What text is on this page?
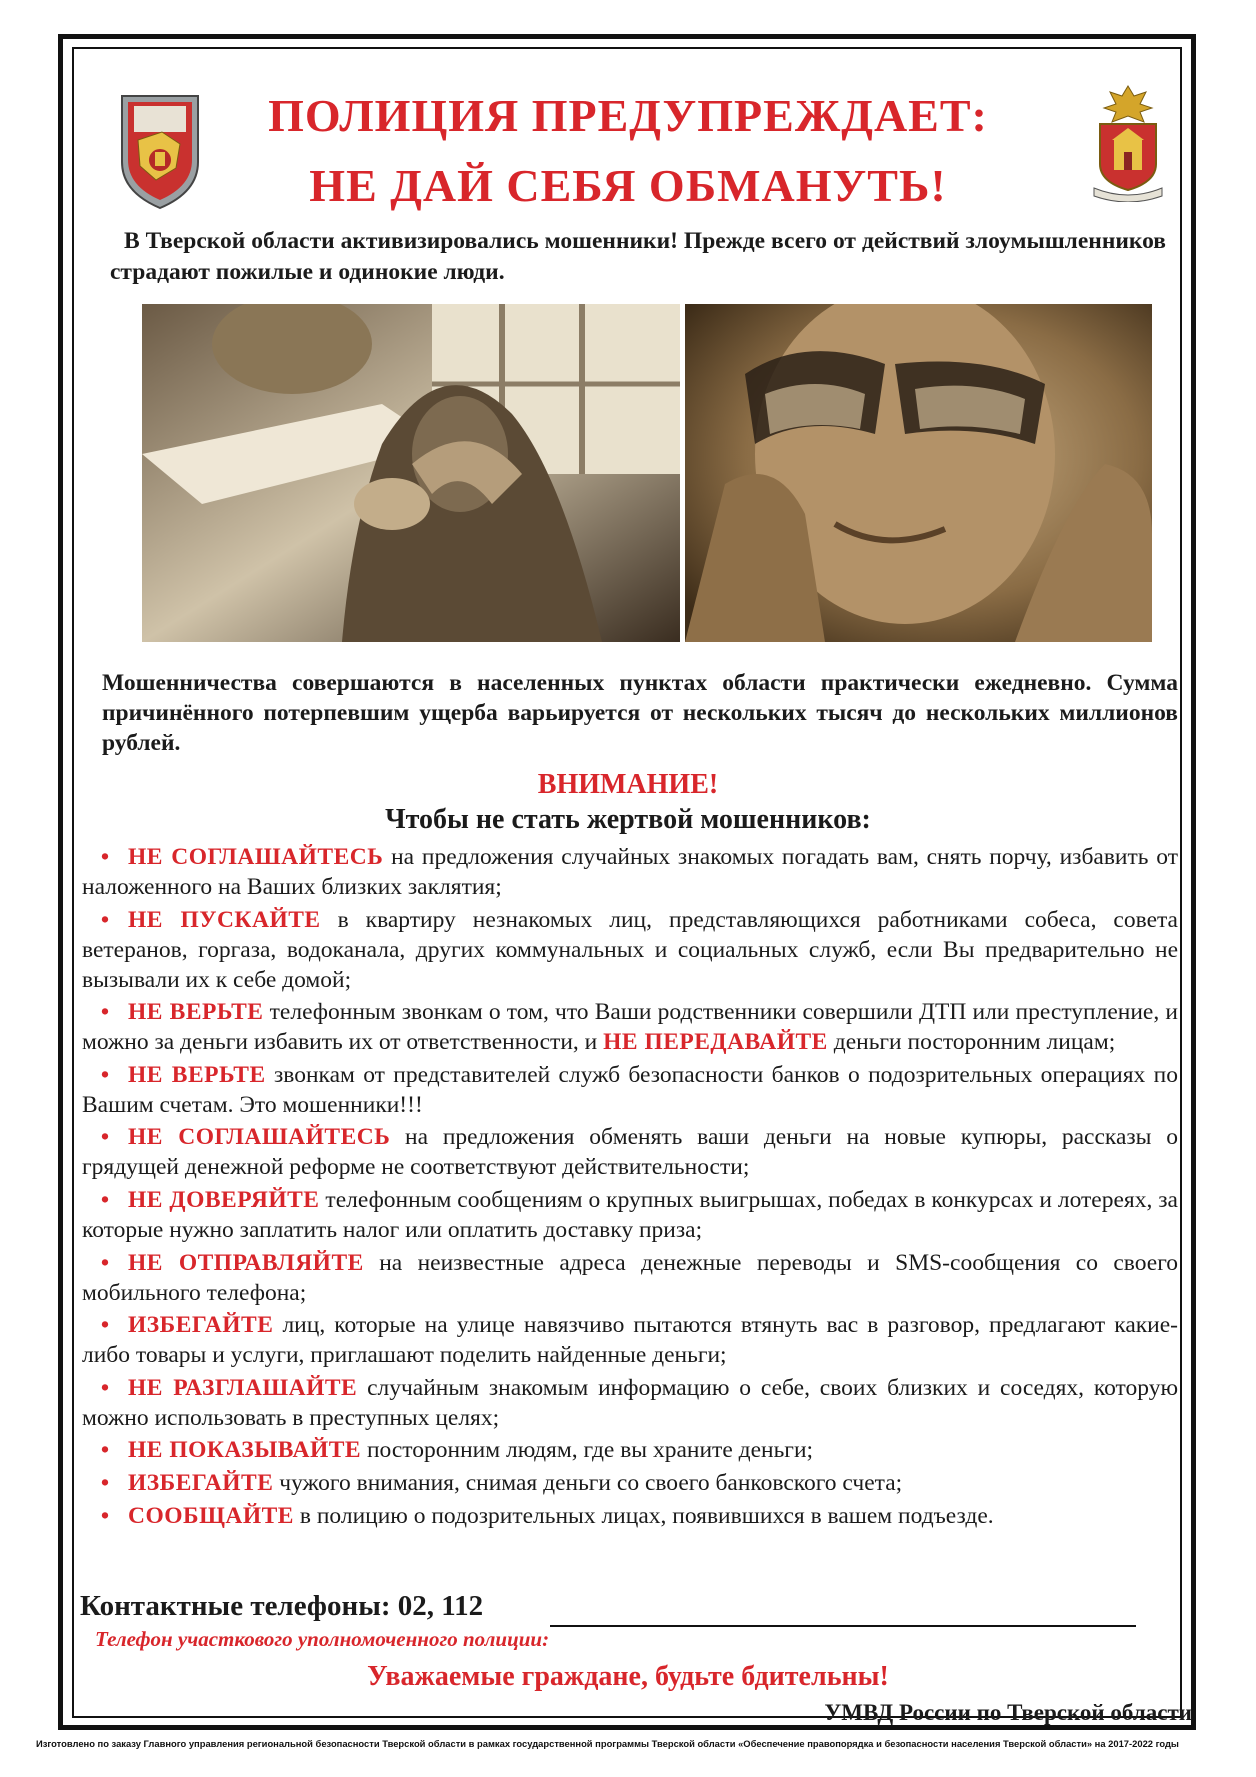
ПОЛИЦИЯ ПРЕДУПРЕЖДАЕТ:
НЕ ДАЙ СЕБЯ ОБМАНУТЬ!

В Тверской области активизировались мошенники! Прежде всего от действий злоумышленников страдают пожилые и одинокие люди.

Мошенничества совершаются в населенных пунктах области практически ежедневно. Сумма причинённого потерпевшим ущерба варьируется от нескольких тысяч до нескольких миллионов рублей.

ВНИМАНИЕ!

Чтобы не стать жертвой мошенников:

• НЕ СОГЛАШАЙТЕСЬ на предложения случайных знакомых погадать вам, снять порчу, избавить от наложенного на Ваших близких заклятия;
• НЕ ПУСКАЙТЕ в квартиру незнакомых лиц, представляющихся работниками собеса, совета ветеранов, горгаза, водоканала, других коммунальных и социальных служб, если Вы предварительно не вызывали их к себе домой;
• НЕ ВЕРЬТЕ телефонным звонкам о том, что Ваши родственники совершили ДТП или преступление, и можно за деньги избавить их от ответственности, и НЕ ПЕРЕДАВАЙТЕ деньги посторонним лицам;
• НЕ ВЕРЬТЕ звонкам от представителей служб безопасности банков о подозрительных операциях по Вашим счетам. Это мошенники!!!
• НЕ СОГЛАШАЙТЕСЬ на предложения обменять ваши деньги на новые купюры, рассказы о грядущей денежной реформе не соответствуют действительности;
• НЕ ДОВЕРЯЙТЕ телефонным сообщениям о крупных выигрышах, победах в конкурсах и лотереях, за которые нужно заплатить налог или оплатить доставку приза;
• НЕ ОТПРАВЛЯЙТЕ на неизвестные адреса денежные переводы и SMS-сообщения со своего мобильного телефона;
• ИЗБЕГАЙТЕ лиц, которые на улице навязчиво пытаются втянуть вас в разговор, предлагают какие-либо товары и услуги, приглашают поделить найденные деньги;
• НЕ РАЗГЛАШАЙТЕ случайным знакомым информацию о себе, своих близких и соседях, которую можно использовать в преступных целях;
• НЕ ПОКАЗЫВАЙТЕ посторонним людям, где вы храните деньги;
• ИЗБЕГАЙТЕ чужого внимания, снимая деньги со своего банковского счета;
• СООБЩАЙТЕ в полицию о подозрительных лицах, появившихся в вашем подъезде.

Контактные телефоны: 02, 112

Телефон участкового уполномоченного полиции:

Уважаемые граждане, будьте бдительны!

УМВД России по Тверской области

Изготовлено по заказу Главного управления региональной безопасности Тверской области в рамках государственной программы Тверской области «Обеспечение правопорядка и безопасности населения Тверской области» на 2017-2022 годы
